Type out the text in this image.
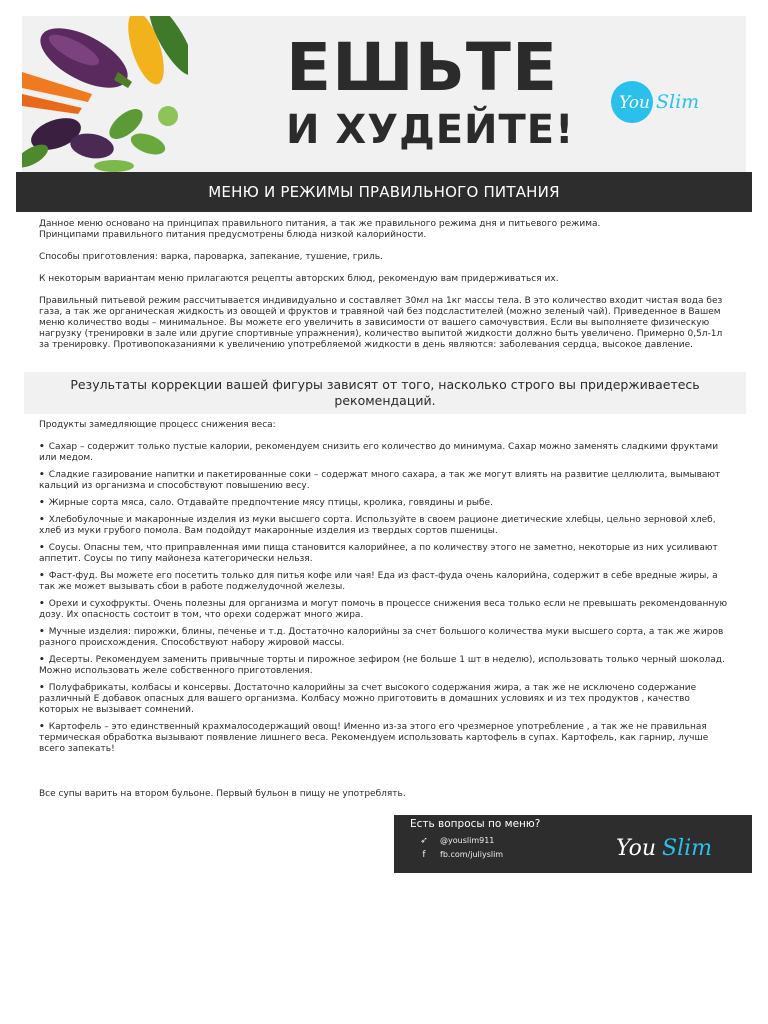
ЕШЬТЕ
И ХУДЕЙТЕ!
You Slim
МЕНЮ И РЕЖИМЫ ПРАВИЛЬНОГО ПИТАНИЯ
Данное меню основано на принципах правильного питания, а так же правильного режима дня и питьевого режима.
Принципами правильного питания предусмотрены блюда низкой калорийности.
Способы приготовления: варка, пароварка, запекание, тушение, гриль.
К некоторым вариантам меню прилагаются рецепты авторских блюд, рекомендую вам придерживаться их.
Правильный питьевой режим рассчитывается индивидуально и составляет 30мл на 1кг массы тела. В это количество входит чистая вода без газа, а так же органическая жидкость из овощей и фруктов и травяной чай без подсластителей (можно зеленый чай). Приведенное в Вашем меню количество воды – минимальное. Вы можете его увеличить в зависимости от вашего самочувствия. Если вы выполняете физическую нагрузку (тренировки в зале или другие спортивные упражнения), количество выпитой жидкости должно быть увеличено. Примерно 0,5л-1л за тренировку. Противопоказаниями к увеличению употребляемой жидкости в день являются: заболевания сердца, высокое давление.
Результаты коррекции вашей фигуры зависят от того, насколько строго вы придерживаетесь рекомендаций.
Продукты замедляющие процесс снижения веса:
• Сахар – содержит только пустые калории, рекомендуем снизить его количество до минимума. Сахар можно заменять сладкими фруктами или медом.
• Сладкие газирование напитки и пакетированные соки – содержат много сахара, а так же могут влиять на развитие целлюлита, вымывают кальций из организма и способствуют повышению весу.
• Жирные сорта мяса, сало. Отдавайте предпочтение мясу птицы, кролика, говядины и рыбе.
• Хлебобулочные и макаронные изделия из муки высшего сорта. Используйте в своем рационе диетические хлебцы, цельно зерновой хлеб, хлеб из муки грубого помола. Вам подойдут макаронные изделия из твердых сортов пшеницы.
• Соусы. Опасны тем, что приправленная ими пища становится калорийнее, а по количеству этого не заметно, некоторые из них усиливают аппетит. Соусы по типу майонеза категорически нельзя.
• Фаст-фуд. Вы можете его посетить только для питья кофе или чая! Еда из фаст-фуда очень калорийна, содержит в себе вредные жиры, а так же может вызывать сбои в работе поджелудочной железы.
• Орехи и сухофрукты. Очень полезны для организма и могут помочь в процессе снижения веса только если не превышать рекомендованную дозу. Их опасность состоит в том, что орехи содержат много жира.
• Мучные изделия: пирожки, блины, печенье и т.д. Достаточно калорийны за счет большого количества муки высшего сорта, а так же жиров разного происхождения. Способствуют набору жировой массы.
• Десерты. Рекомендуем заменить привычные торты и пирожное зефиром (не больше 1 шт в неделю), использовать только черный шоколад. Можно использовать желе собственного приготовления.
• Полуфабрикаты, колбасы и консервы. Достаточно калорийны за счет высокого содержания жира, а так же не исключено содержание различный Е добавок опасных для вашего организма. Колбасу можно приготовить в домашних условиях и из тех продуктов , качество которых не вызывает сомнений.
• Картофель – это единственный крахмалосодержащий овощ! Именно из-за этого его чрезмерное употребление , а так же не правильная термическая обработка вызывают появление лишнего веса. Рекомендуем использовать картофель в супах. Картофель, как гарнир, лучше всего запекать!
Все супы варить на втором бульоне. Первый бульон в пищу не употреблять.
Есть вопросы по меню?
➶ @youslim911
f fb.com/juliyslim	You Slim
